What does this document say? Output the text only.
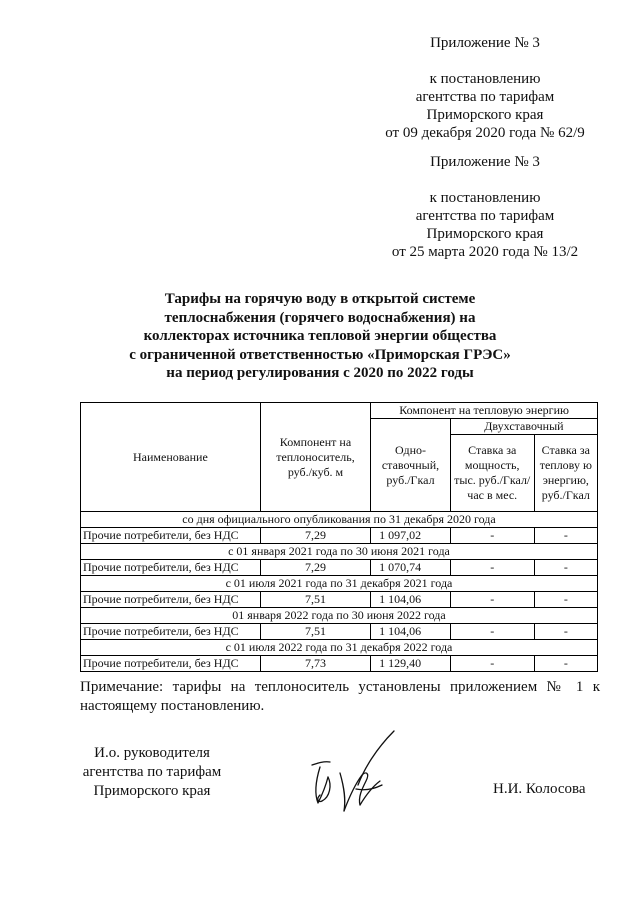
Приложение № 3
к постановлению
агентства по тарифам
Приморского края
от 09 декабря 2020 года № 62/9
Приложение № 3
к постановлению
агентства по тарифам
Приморского края
от 25 марта 2020 года № 13/2
Тарифы на горячую воду в открытой системе
теплоснабжения (горячего водоснабжения) на
коллекторах источника тепловой энергии общества
с ограниченной ответственностью «Приморская ГРЭС»
на период регулирования с 2020 по 2022 годы
Наименование	Компонент на теплоноситель, руб./куб. м	Компонент на тепловую энергию		
		Одно-ставочный, руб./Гкал	Двухставочный	
			Ставка за мощность, тыс. руб./Гкал/час в мес.	Ставка за теплову ю энергию, руб./Гкал
со дня официального опубликования по 31 декабря 2020 года				
Прочие потребители, без НДС	7,29	1 097,02	-	-
с 01 января 2021 года по 30 июня 2021 года				
Прочие потребители, без НДС	7,29	1 070,74	-	-
с 01 июля 2021 года по 31 декабря 2021 года				
Прочие потребители, без НДС	7,51	1 104,06	-	-
01 января 2022 года по 30 июня 2022 года				
Прочие потребители, без НДС	7,51	1 104,06	-	-
с 01 июля 2022 года по 31 декабря 2022 года				
Прочие потребители, без НДС	7,73	1 129,40	-	-
Примечание: тарифы на теплоноситель установлены приложением № 1 к настоящему постановлению.
И.о. руководителя
агентства по тарифам
Приморского края	Н.И. Колосова
